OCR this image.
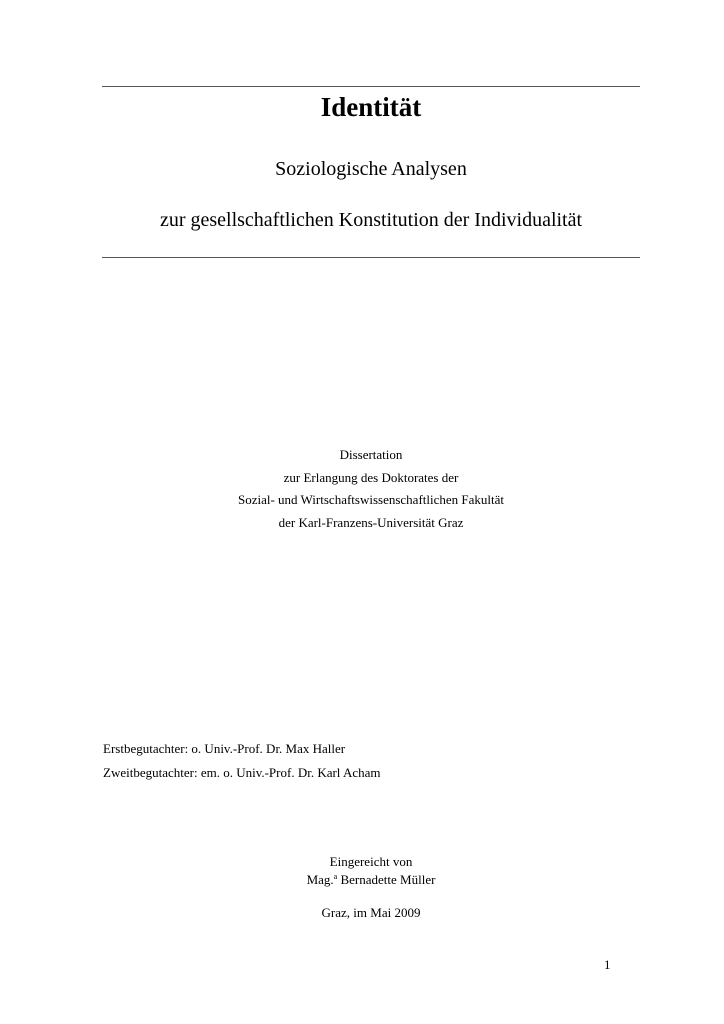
Identität
Soziologische Analysen
zur gesellschaftlichen Konstitution der Individualität
Dissertation
zur Erlangung des Doktorates der
Sozial- und Wirtschaftswissenschaftlichen Fakultät
der Karl-Franzens-Universität Graz
Erstbegutachter: o. Univ.-Prof. Dr. Max Haller
Zweitbegutachter: em. o. Univ.-Prof. Dr. Karl Acham
Eingereicht von
Mag.$^a$ Bernadette Müller
Graz, im Mai 2009
1
